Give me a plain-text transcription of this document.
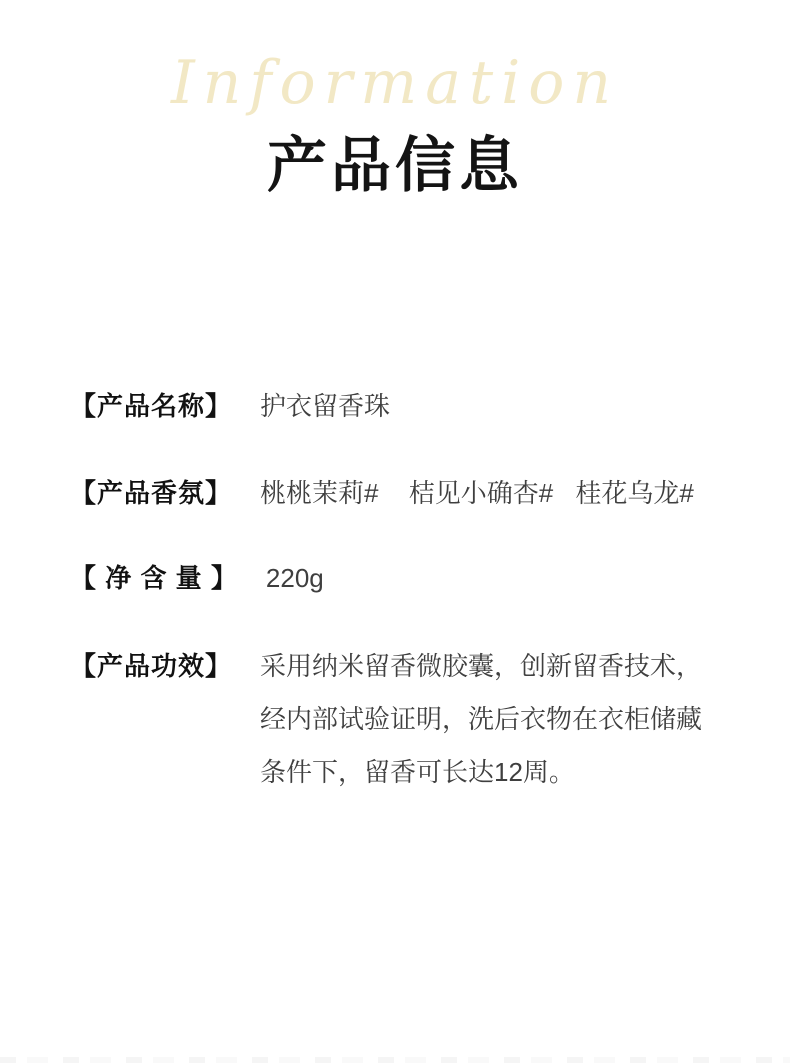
Information
产品信息
【产品名称】 护衣留香珠
【产品香氛】 桃桃茉莉# 桔见小确杏# 桂花乌龙#
【 净 含 量 】 220g
【产品功效】 采用纳米留香微胶囊，创新留香技术，
经内部试验证明，洗后衣物在衣柜储藏
条件下，留香可长达12周。
